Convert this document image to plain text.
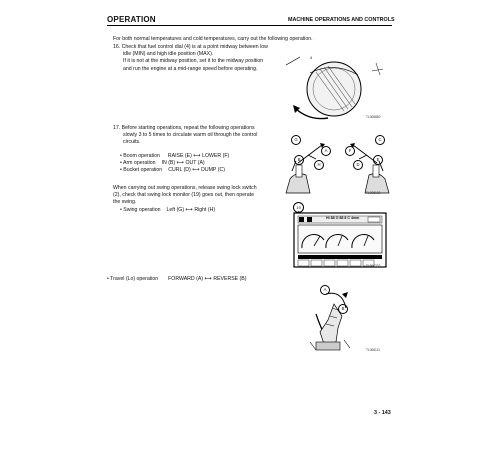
OPERATION	MACHINE OPERATIONS AND CONTROLS
For both normal temperatures and cold temperatures, carry out the following operation.
16. Check that fuel control dial (4) is at a point midway between low
idle (MIN) and high idle position (MAX).
If it is not at the midway position, set it to the midway position
and run the engine at a mid-range speed before operating.
4
TL006860
17. Before starting operations, repeat the following operations
slowly 3 to 5 times to circulate warm oil through the control
circuits.
• Boom operation RAISE (E) ⟷ LOWER (F)
• Arm operation IN (B) ⟷ OUT (A)
• Bucket operation CURL (D) ⟷ DUMP (C)
G
A	F
C
B
H	D
E
TL006192
When carrying out swing operations, release swing lock switch
(2), check that swing lock monitor (19) goes out, then operate
the swing.
• Swing operation Left (G) ⟷ Right (H)	19
Hi 88 O 88 8 C 4mm
TL006333
• Travel (Lo) operation FORWARD (A) ⟷ REVERSE (B)
A
B
TL006111
3 - 143
